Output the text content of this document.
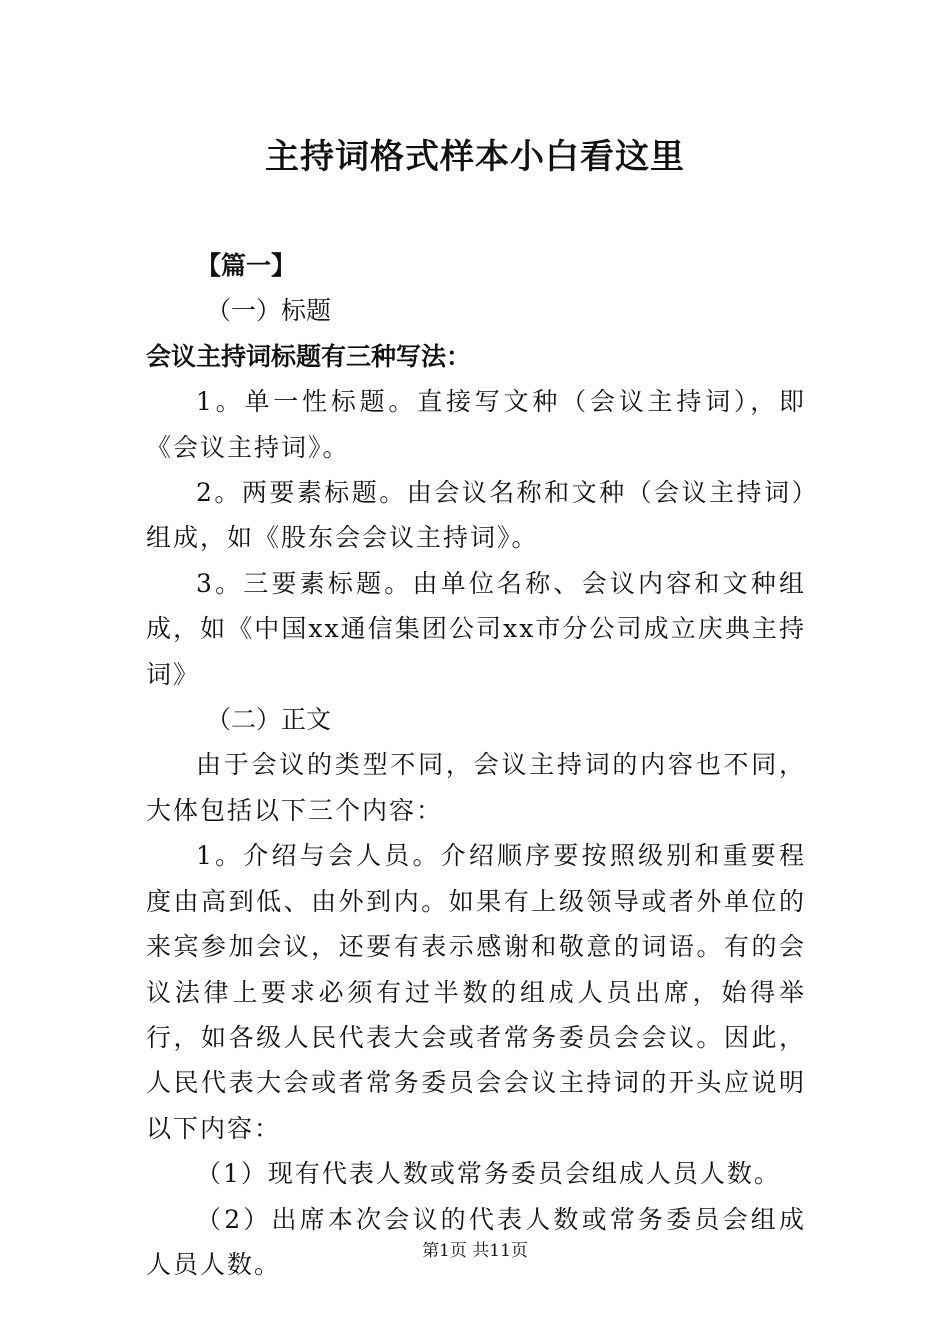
主持词格式样本小白看这里

【篇一】

（一）标题

会议主持词标题有三种写法：

1。单一性标题。直接写文种（会议主持词），即《会议主持词》。

2。两要素标题。由会议名称和文种（会议主持词）组成，如《股东会会议主持词》。

3。三要素标题。由单位名称、会议内容和文种组成，如《中国xx通信集团公司xx市分公司成立庆典主持词》

（二）正文

由于会议的类型不同，会议主持词的内容也不同，大体包括以下三个内容：

1。介绍与会人员。介绍顺序要按照级别和重要程度由高到低、由外到内。如果有上级领导或者外单位的来宾参加会议，还要有表示感谢和敬意的词语。有的会议法律上要求必须有过半数的组成人员出席，始得举行，如各级人民代表大会或者常务委员会会议。因此，人民代表大会或者常务委员会会议主持词的开头应说明以下内容：

（1）现有代表人数或常务委员会组成人员人数。

（2）出席本次会议的代表人数或常务委员会组成人员人数。	第1页 共11页
